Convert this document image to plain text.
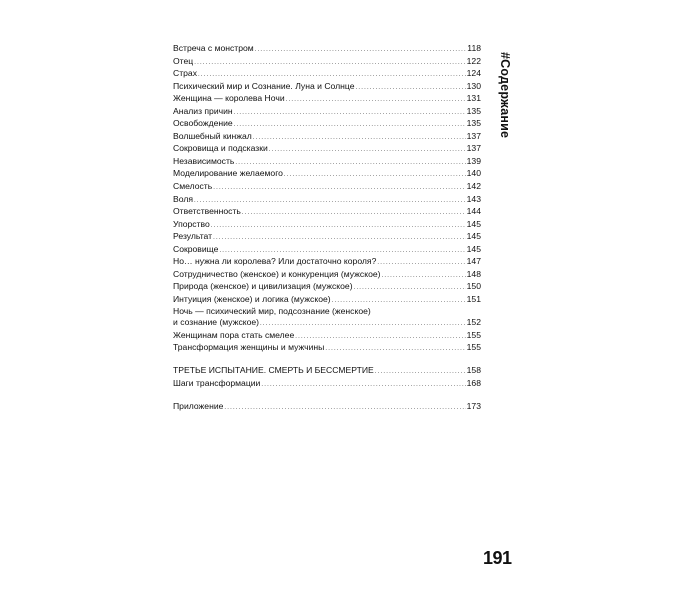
Встреча с монстром .....	118
Отец .....	122
Страх .....	124
Психический мир и Сознание. Луна и Солнце .....	130
Женщина — королева Ночи .....	131
Анализ причин .....	135
Освобождение .....	135
Волшебный кинжал .....	137
Сокровища и подсказки .....	137
Независимость .....	139
Моделирование желаемого .....	140
Смелость .....	142
Воля .....	143
Ответственность .....	144
Упорство .....	145
Результат .....	145
Сокровище .....	145
Но… нужна ли королева? Или достаточно короля? .....	147
Сотрудничество (женское) и конкуренция (мужское) .....	148
Природа (женское) и цивилизация (мужское) .....	150
Интуиция (женское) и логика (мужское) .....	151
Ночь — психический мир, подсознание (женское)
и сознание (мужское) .....	152
Женщинам пора стать смелее .....	155
Трансформация женщины и мужчины .....	155
ТРЕТЬЕ ИСПЫТАНИЕ. СМЕРТЬ И БЕССМЕРТИЕ .....	158
Шаги трансформации .....	168
Приложение .....	173
#Содержание
191
